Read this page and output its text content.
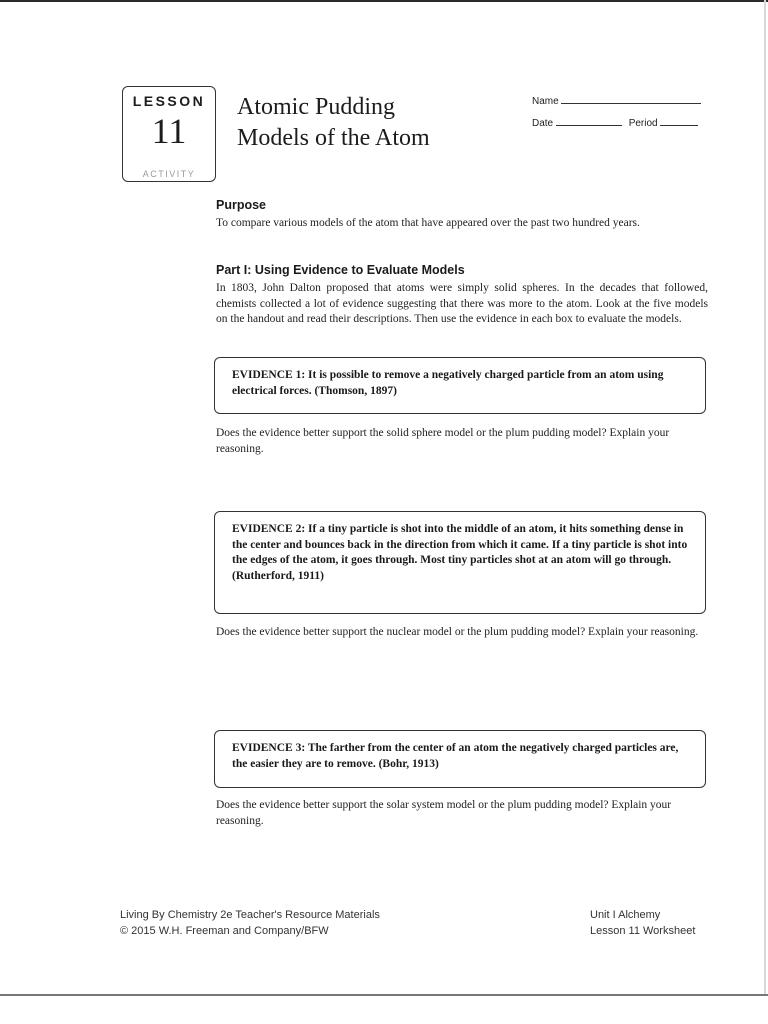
LESSON
11
ACTIVITY
Atomic Pudding
Models of the Atom
Name
Date	Period
Purpose
To compare various models of the atom that have appeared over the past two hundred years.
Part I: Using Evidence to Evaluate Models
In 1803, John Dalton proposed that atoms were simply solid spheres. In the decades that followed, chemists collected a lot of evidence suggesting that there was more to the atom. Look at the five models on the handout and read their descriptions. Then use the evidence in each box to evaluate the models.
EVIDENCE 1: It is possible to remove a negatively charged particle from an atom using electrical forces. (Thomson, 1897)
Does the evidence better support the solid sphere model or the plum pudding model? Explain your reasoning.
EVIDENCE 2: If a tiny particle is shot into the middle of an atom, it hits something dense in the center and bounces back in the direction from which it came. If a tiny particle is shot into the edges of the atom, it goes through. Most tiny particles shot at an atom will go through. (Rutherford, 1911)
Does the evidence better support the nuclear model or the plum pudding model? Explain your reasoning.
EVIDENCE 3: The farther from the center of an atom the negatively charged particles are, the easier they are to remove. (Bohr, 1913)
Does the evidence better support the solar system model or the plum pudding model? Explain your reasoning.
Living By Chemistry 2e Teacher's Resource Materials
© 2015 W.H. Freeman and Company/BFW
Unit I Alchemy
Lesson 11 Worksheet
